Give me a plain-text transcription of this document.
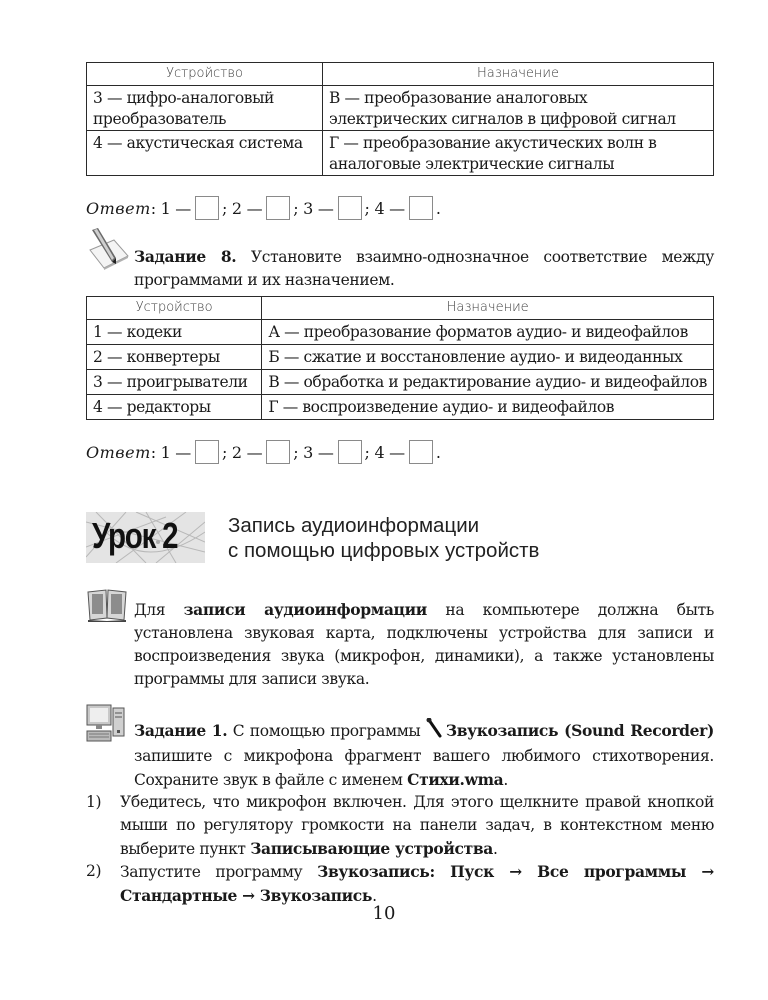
Устройство	Назначение
3 — цифро-аналоговый преобразователь	В — преобразование аналоговых электрических сигналов в цифровой сигнал
4 — акустическая система	Г — преобразование акустических волн в аналоговые электрические сигналы
Ответ : 1 — ;
2 — ;
3 — ;
4 — .
Задание 8. Установите взаимно-однозначное соответствие между программами и их назначением.
Устройство	Назначение
1 — кодеки	А — преобразование форматов аудио- и видеофайлов
2 — конвертеры	Б — сжатие и восстановление аудио- и видеоданных
3 — проигрыватели	В — обработка и редактирование аудио- и видеофайлов
4 — редакторы	Г — воспроизведение аудио- и видеофайлов
Ответ : 1 — ;
2 — ;
3 — ;
4 — .
Урок 2 Запись аудиоинформации
с помощью цифровых устройств
Для записи аудиоинформации на компьютере должна быть установлена звуковая карта, подключены устройства для записи и воспроизведения звука (микрофон, динамики), а также установлены программы для записи звука.
Задание 1. С помощью программы Звукозапись (Sound Recorder) запишите с микрофона фрагмент вашего любимого стихотворения. Сохраните звук в файле с именем Стихи.wma.
1) Убедитесь, что микрофон включен. Для этого щелкните правой кнопкой мыши по регулятору громкости на панели задач, в контекстном меню выберите пункт Записывающие устройства.
2) Запустите программу Звукозапись: Пуск → Все программы → Стандартные → Звукозапись.
10
